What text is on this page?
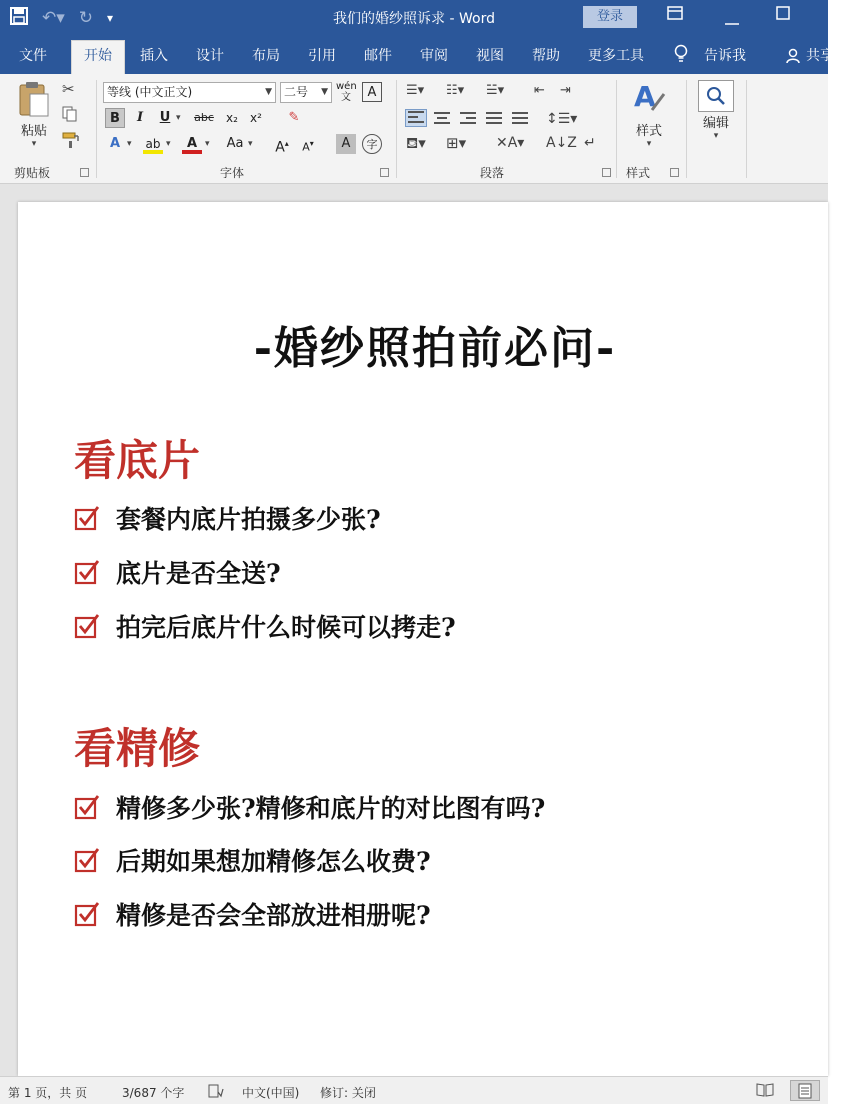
↶▾ ↻ ▾	我们的婚纱照诉求 - Word	登录
文件	开始	插入 设计 布局 引用 邮件 审阅 视图 帮助 更多工具	告诉我	共享
粘贴
▾
✂
剪贴板
等线 (中文正文)	▼	二号 ▼ wén
文	A
B	I	U ▾	abc	x₂	x²	✎
A ▾ ab ▾	A ▾	Aa ▾ A▴	A▾	A	字
字体
☰▾ ☷▾ ☱▾ ⇤ ⇥
↕☰▾
⛾▾ ⊞▾ ✕A▾ A↓Z ↵
段落
A
样式
▾
样式
编辑
▾
-婚纱照拍前必问-
看底片
套餐内底片拍摄多少张?
底片是否全送?
拍完后底片什么时候可以拷走?
看精修
精修多少张?精修和底片的对比图有吗?
后期如果想加精修怎么收费?
精修是否会全部放进相册呢?
第 1 页，共 页	3/687 个字	中文(中国) 修订: 关闭
